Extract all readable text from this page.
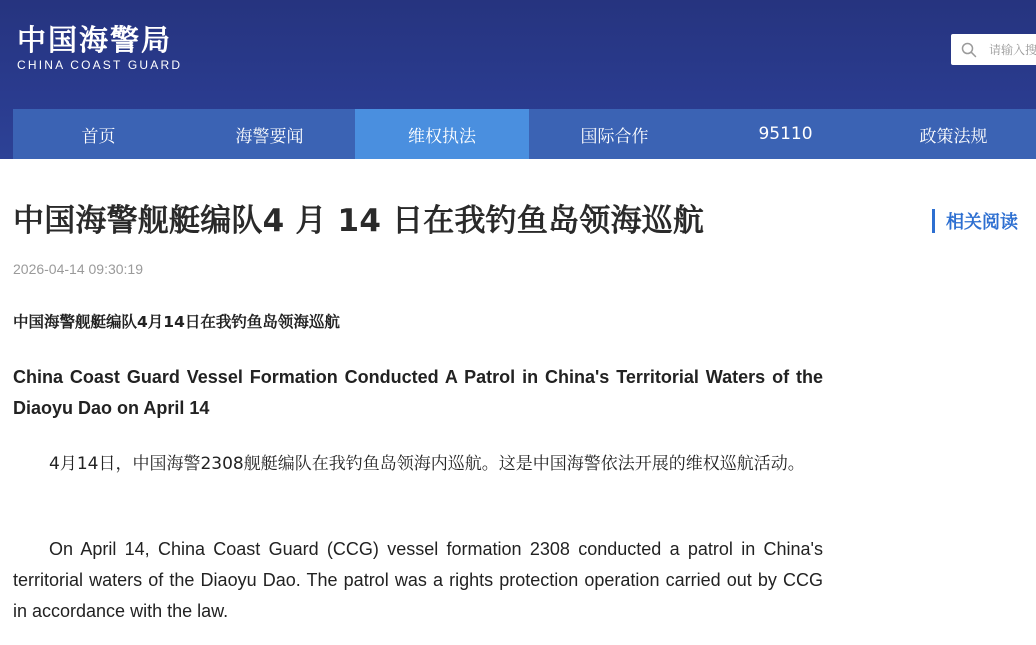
中国海警局
CHINA COAST GUARD
请输入搜
首页	海警要闻	维权执法	国际合作	95110	政策法规
中国海警舰艇编队4 月 14 日在我钓鱼岛领海巡航
2026-04-14 09:30:19
中国海警舰艇编队4月14日在我钓鱼岛领海巡航
China Coast Guard Vessel Formation Conducted A Patrol in China's Territorial Waters of the Diaoyu Dao on April 14

4月14日，中国海警2308舰艇编队在我钓鱼岛领海内巡航。这是中国海警依法开展的维权巡航活动。

On April 14, China Coast Guard (CCG) vessel formation 2308 conducted a patrol in China's territorial waters of the Diaoyu Dao. The patrol was a rights protection operation carried out by CCG in accordance with the law.

相关阅读
